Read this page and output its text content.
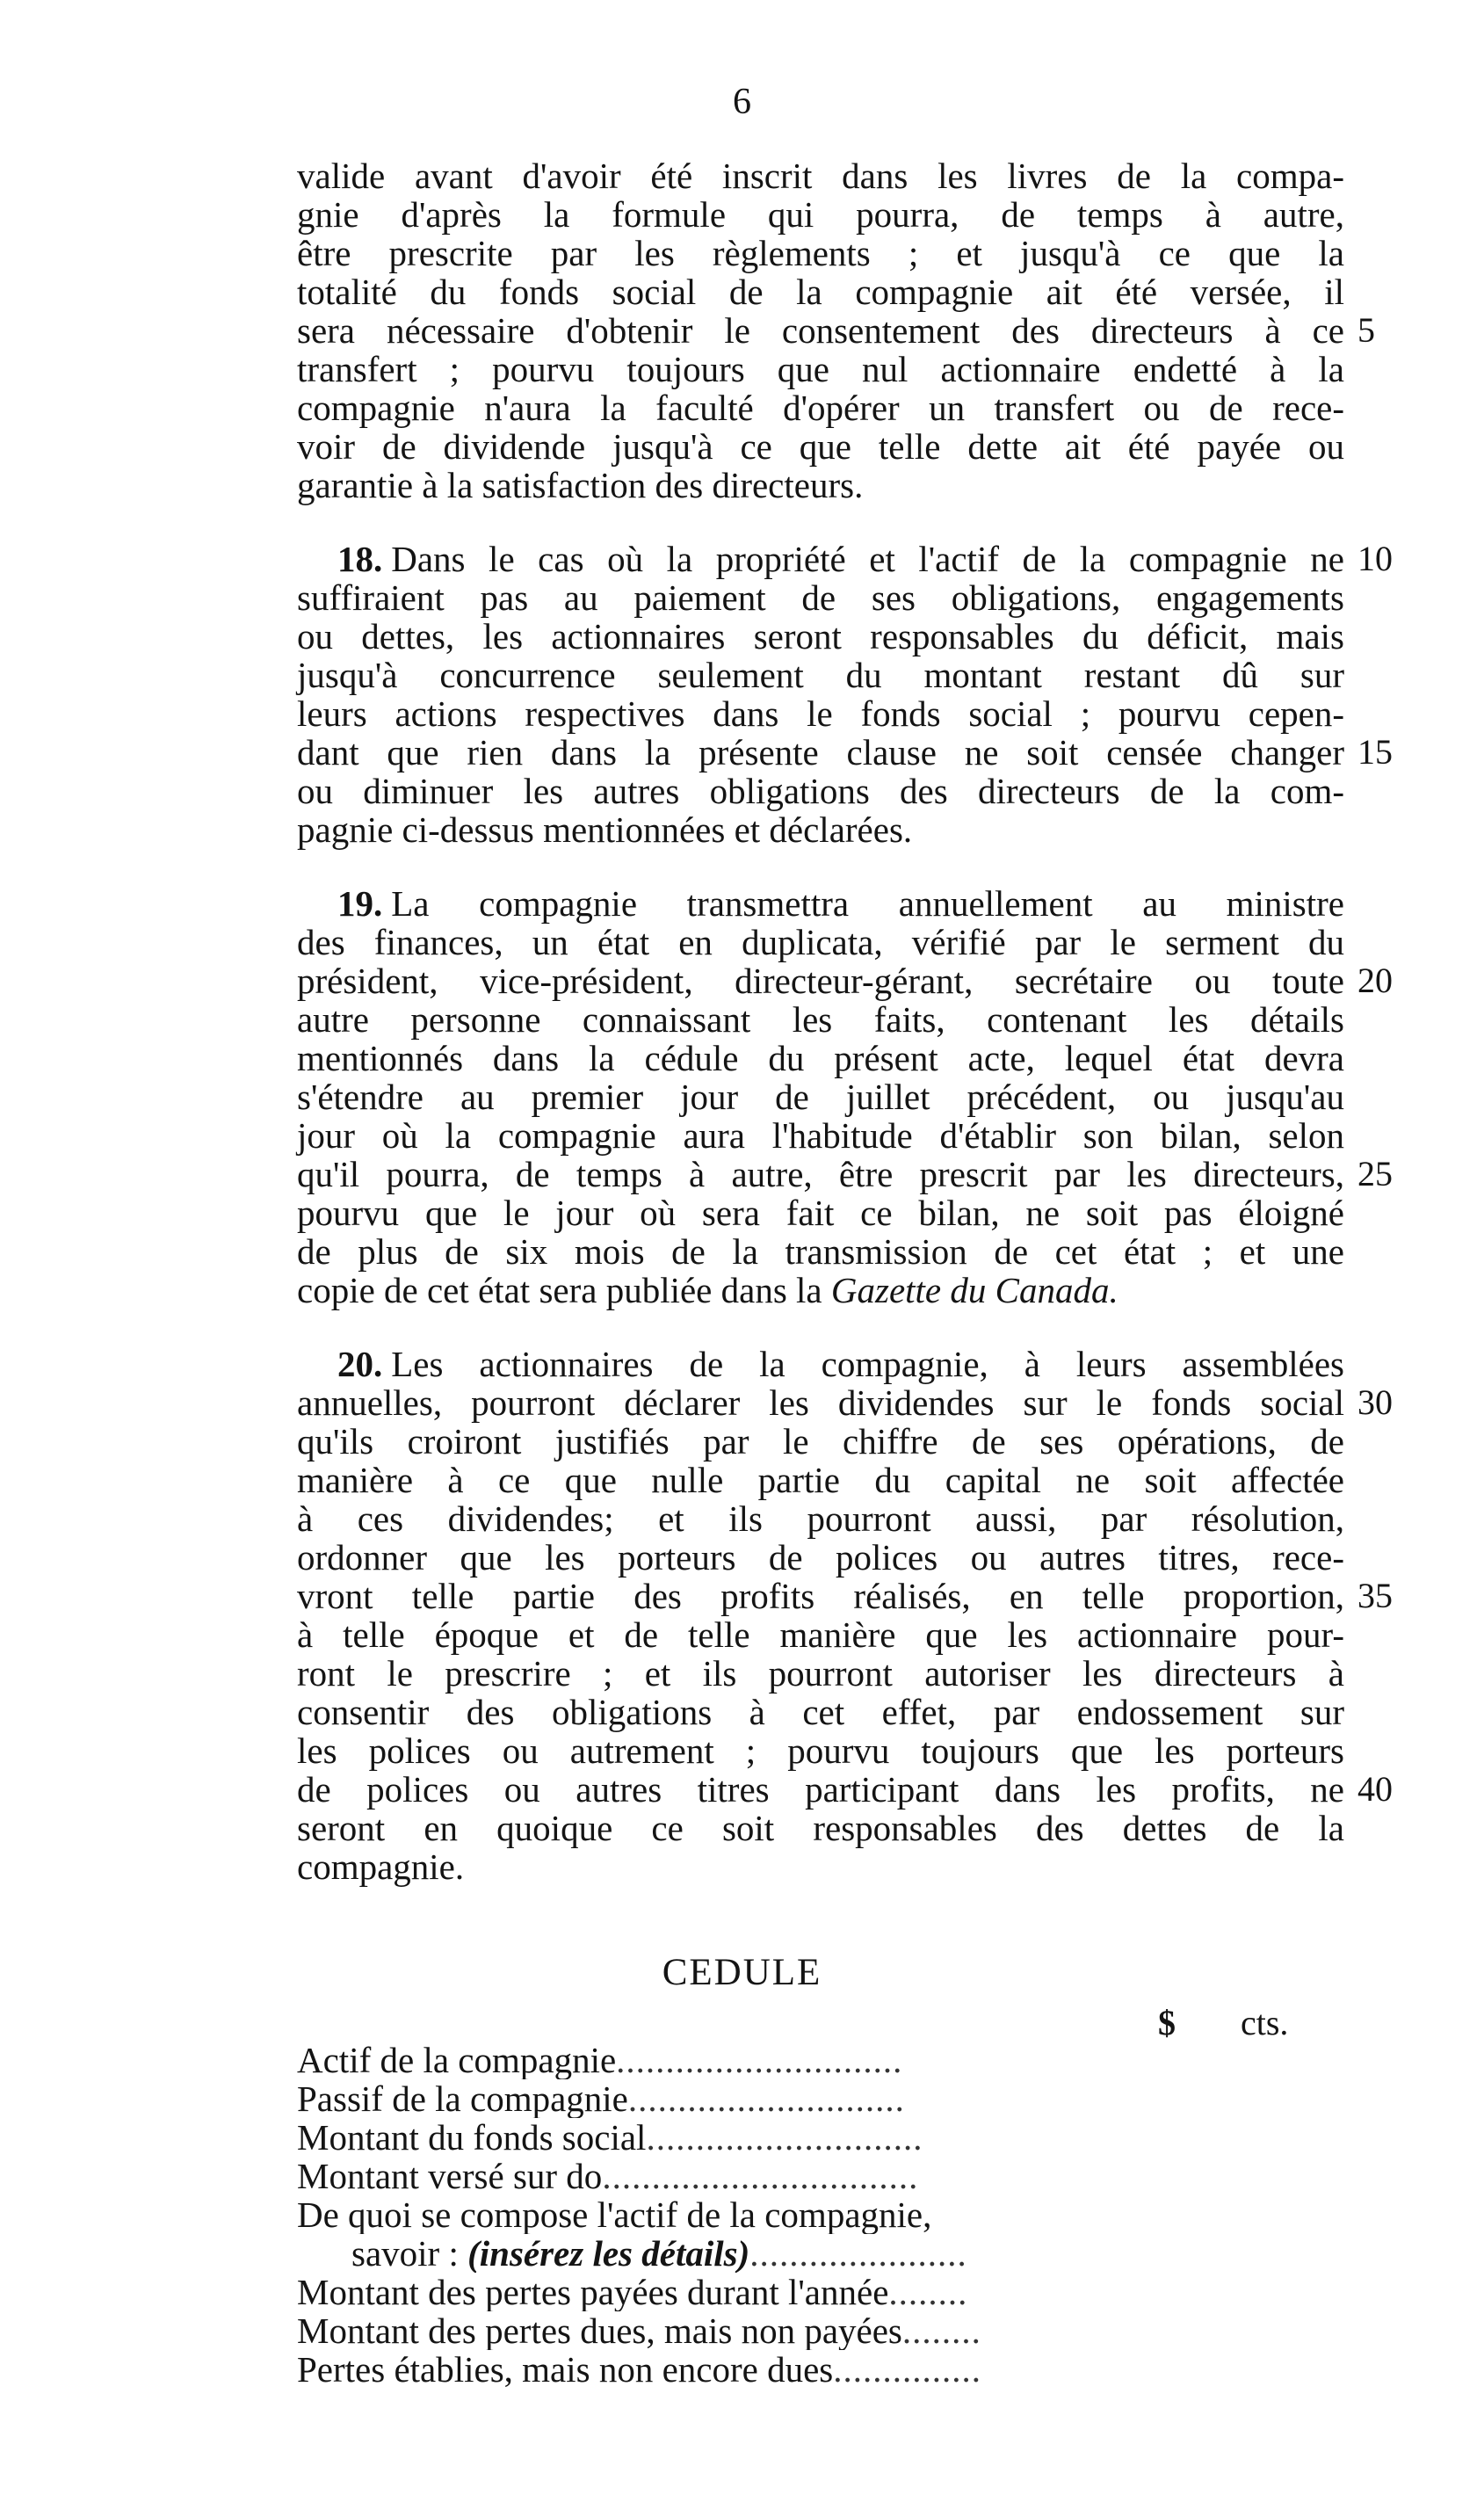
6
valide avant d'avoir été inscrit dans les livres de la compa-
gnie d'après la formule qui pourra, de temps à autre,
être prescrite par les règlements ; et jusqu'à ce que la
totalité du fonds social de la compagnie ait été versée, il
sera nécessaire d'obtenir le consentement des directeurs à ce
transfert ; pourvu toujours que nul actionnaire endetté à la
compagnie n'aura la faculté d'opérer un transfert ou de rece-
voir de dividende jusqu'à ce que telle dette ait été payée ou
garantie à la satisfaction des directeurs.
18. Dans le cas où la propriété et l'actif de la compagnie ne
suffiraient pas au paiement de ses obligations, engagements
ou dettes, les actionnaires seront responsables du déficit, mais
jusqu'à concurrence seulement du montant restant dû sur
leurs actions respectives dans le fonds social ; pourvu cepen-
dant que rien dans la présente clause ne soit censée changer
ou diminuer les autres obligations des directeurs de la com-
pagnie ci-dessus mentionnées et déclarées.
19. La compagnie transmettra annuellement au ministre
des finances, un état en duplicata, vérifié par le serment du
président, vice-président, directeur-gérant, secrétaire ou toute
autre personne connaissant les faits, contenant les détails
mentionnés dans la cédule du présent acte, lequel état devra
s'étendre au premier jour de juillet précédent, ou jusqu'au
jour où la compagnie aura l'habitude d'établir son bilan, selon
qu'il pourra, de temps à autre, être prescrit par les directeurs,
pourvu que le jour où sera fait ce bilan, ne soit pas éloigné
de plus de six mois de la transmission de cet état ; et une
copie de cet état sera publiée dans la Gazette du Canada.
20. Les actionnaires de la compagnie, à leurs assemblées
annuelles, pourront déclarer les dividendes sur le fonds social
qu'ils croiront justifiés par le chiffre de ses opérations, de
manière à ce que nulle partie du capital ne soit affectée
à ces dividendes; et ils pourront aussi, par résolution,
ordonner que les porteurs de polices ou autres titres, rece-
vront telle partie des profits réalisés, en telle proportion,
à telle époque et de telle manière que les actionnaire pour-
ront le prescrire ; et ils pourront autoriser les directeurs à
consentir des obligations à cet effet, par endossement sur
les polices ou autrement ; pourvu toujours que les porteurs
de polices ou autres titres participant dans les profits, ne
seront en quoique ce soit responsables des dettes de la
compagnie.
5
10
15
20
25
30
35
40
CEDULE
$ cts.
Actif de la compagnie.............................
Passif de la compagnie............................
Montant du fonds social............................
Montant versé sur do................................
De quoi se compose l'actif de la compagnie,
savoir : (insérez les détails)......................
Montant des pertes payées durant l'année........
Montant des pertes dues, mais non payées........
Pertes établies, mais non encore dues...............
